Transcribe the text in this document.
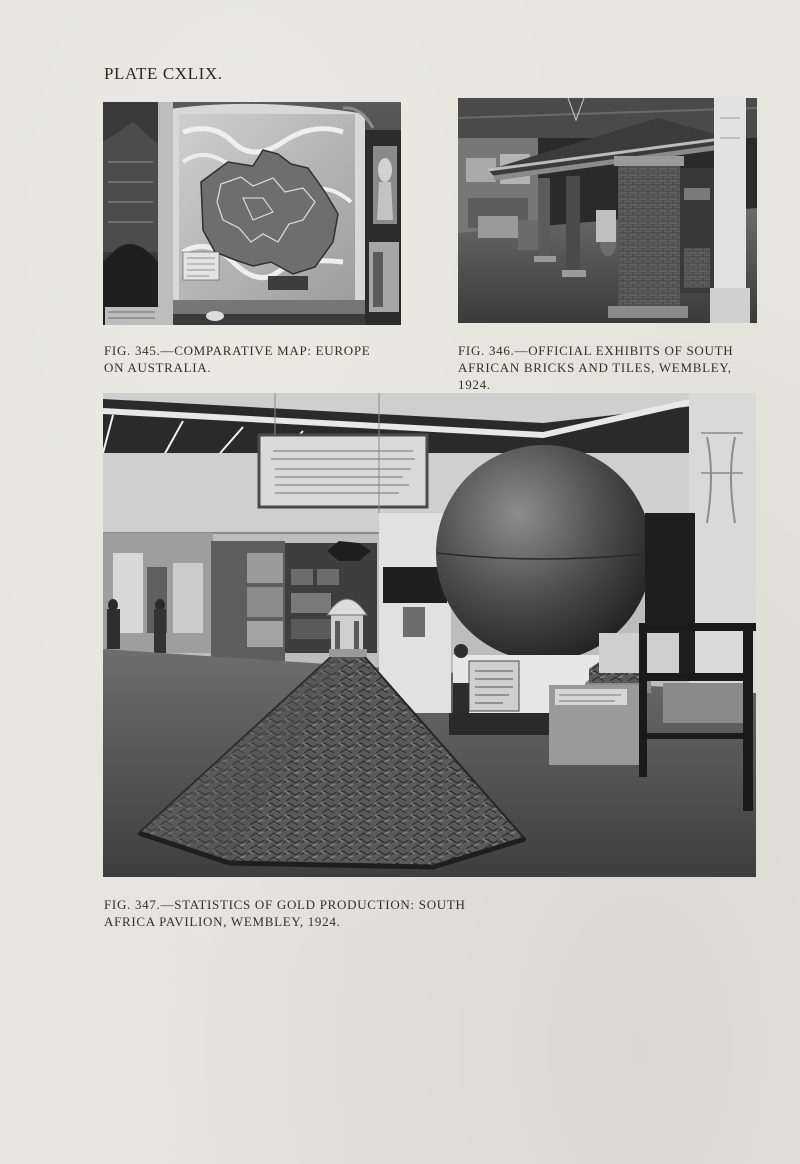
PLATE CXLIX.
FIG. 345.—COMPARATIVE MAP: EUROPE
ON AUSTRALIA.
FIG. 346.—OFFICIAL EXHIBITS OF SOUTH
AFRICAN BRICKS AND TILES, WEMBLEY, 1924.
FIG. 347.—STATISTICS OF GOLD PRODUCTION: SOUTH
AFRICA PAVILION, WEMBLEY, 1924.
